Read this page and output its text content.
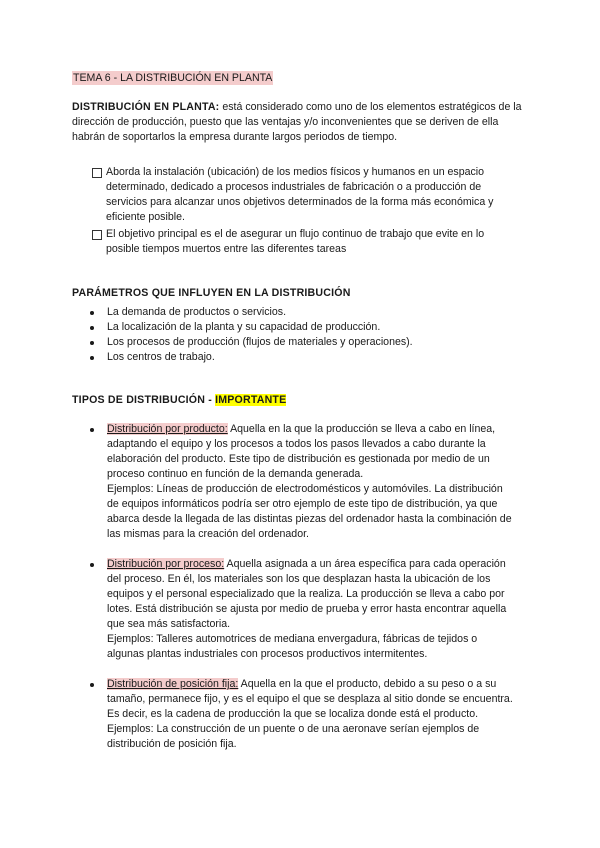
TEMA 6 - LA DISTRIBUCIÓN EN PLANTA

DISTRIBUCIÓN EN PLANTA: está considerado como uno de los elementos estratégicos de la dirección de producción, puesto que las ventajas y/o inconvenientes que se deriven de ella habrán de soportarlos la empresa durante largos periodos de tiempo.

Aborda la instalación (ubicación) de los medios físicos y humanos en un espacio determinado, dedicado a procesos industriales de fabricación o a producción de servicios para alcanzar unos objetivos determinados de la forma más económica y eficiente posible.
El objetivo principal es el de asegurar un flujo continuo de trabajo que evite en lo posible tiempos muertos entre las diferentes tareas
PARÁMETROS QUE INFLUYEN EN LA DISTRIBUCIÓN
La demanda de productos o servicios.
La localización de la planta y su capacidad de producción.
Los procesos de producción (flujos de materiales y operaciones).
Los centros de trabajo.
TIPOS DE DISTRIBUCIÓN - IMPORTANTE
Distribución por producto: Aquella en la que la producción se lleva a cabo en línea, adaptando el equipo y los procesos a todos los pasos llevados a cabo durante la elaboración del producto. Este tipo de distribución es gestionada por medio de un proceso continuo en función de la demanda generada.
Ejemplos: Líneas de producción de electrodomésticos y automóviles. La distribución de equipos informáticos podría ser otro ejemplo de este tipo de distribución, ya que abarca desde la llegada de las distintas piezas del ordenador hasta la combinación de las mismas para la creación del ordenador.
Distribución por proceso: Aquella asignada a un área específica para cada operación del proceso. En él, los materiales son los que desplazan hasta la ubicación de los equipos y el personal especializado que la realiza. La producción se lleva a cabo por lotes. Está distribución se ajusta por medio de prueba y error hasta encontrar aquella que sea más satisfactoria.
Ejemplos: Talleres automotrices de mediana envergadura, fábricas de tejidos o algunas plantas industriales con procesos productivos intermitentes.
Distribución de posición fija: Aquella en la que el producto, debido a su peso o a su tamaño, permanece fijo, y es el equipo el que se desplaza al sitio donde se encuentra. Es decir, es la cadena de producción la que se localiza donde está el producto.
Ejemplos: La construcción de un puente o de una aeronave serían ejemplos de distribución de posición fija.
